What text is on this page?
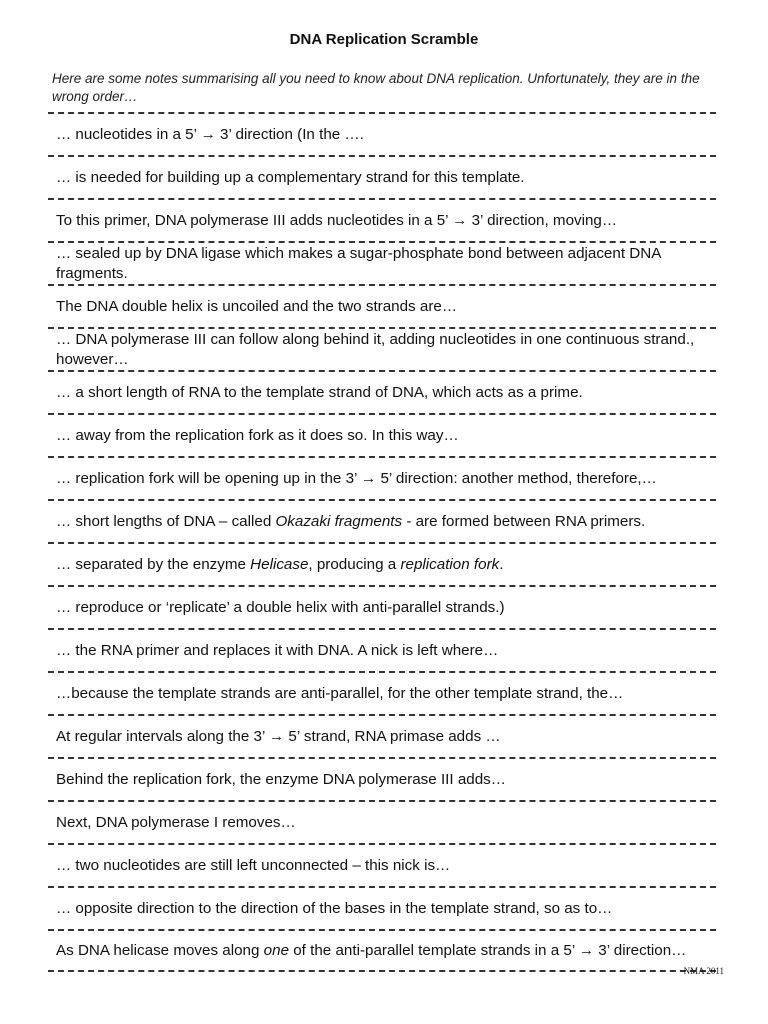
DNA Replication Scramble
Here are some notes summarising all you need to know about DNA replication. Unfortunately, they are in the wrong order…
… nucleotides in a 5’ → 3’ direction (In the ….
… is needed for building up a complementary strand for this template.
To this primer, DNA polymerase III adds nucleotides in a 5’ → 3’ direction, moving…
… sealed up by DNA ligase which makes a sugar-phosphate bond between adjacent DNA fragments.
The DNA double helix is uncoiled and the two strands are…
… DNA polymerase III can follow along behind it, adding nucleotides in one continuous strand., however…
… a short length of RNA to the template strand of DNA, which acts as a prime.
… away from the replication fork as it does so. In this way…
… replication fork will be opening up in the 3’ → 5’ direction: another method, therefore,…
… short lengths of DNA – called Okazaki fragments - are formed between RNA primers.
… separated by the enzyme Helicase, producing a replication fork.
… reproduce or ‘replicate’ a double helix with anti-parallel strands.)
… the RNA primer and replaces it with DNA. A nick is left where…
…because the template strands are anti-parallel, for the other template strand, the…
At regular intervals along the 3’ → 5’ strand, RNA primase adds …
Behind the replication fork, the enzyme DNA polymerase III adds…
Next, DNA polymerase I removes…
… two nucleotides are still left unconnected – this nick is…
… opposite direction to the direction of the bases in the template strand, so as to…
As DNA helicase moves along one of the anti-parallel template strands in a 5’ → 3’ direction…
NMA 2011
